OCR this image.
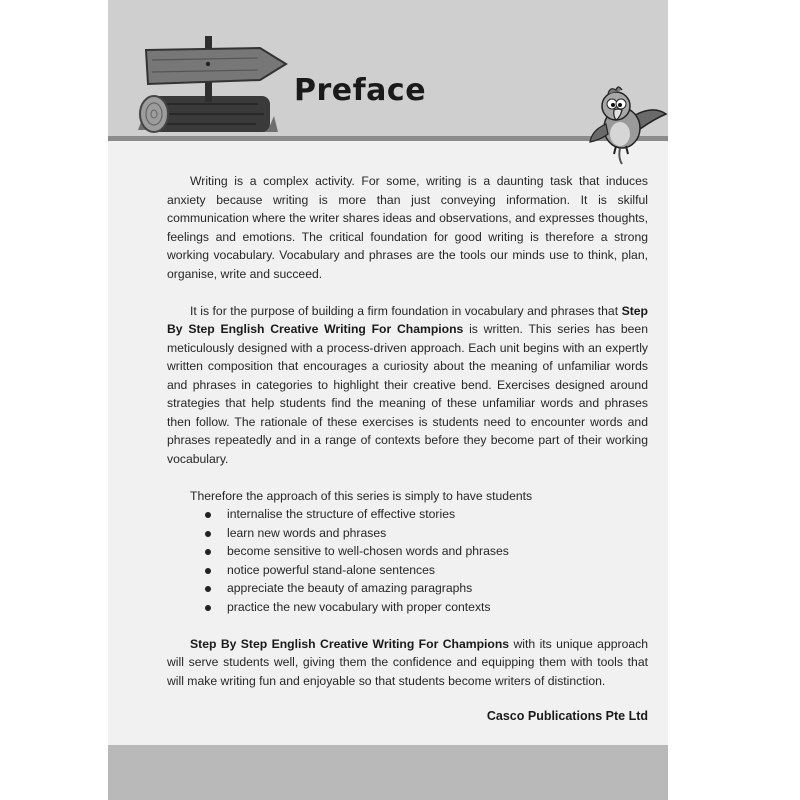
Preface

Writing is a complex activity. For some, writing is a daunting task that induces anxiety because writing is more than just conveying information. It is skilful communication where the writer shares ideas and observations, and expresses thoughts, feelings and emotions. The critical foundation for good writing is therefore a strong working vocabulary. Vocabulary and phrases are the tools our minds use to think, plan, organise, write and succeed.

It is for the purpose of building a firm foundation in vocabulary and phrases that Step By Step English Creative Writing For Champions is written. This series has been meticulously designed with a process-driven approach. Each unit begins with an expertly written composition that encourages a curiosity about the meaning of unfamiliar words and phrases in categories to highlight their creative bend. Exercises designed around strategies that help students find the meaning of these unfamiliar words and phrases then follow. The rationale of these exercises is students need to encounter words and phrases repeatedly and in a range of contexts before they become part of their working vocabulary.

Therefore the approach of this series is simply to have students

internalise the structure of effective stories
learn new words and phrases
become sensitive to well-chosen words and phrases
notice powerful stand-alone sentences
appreciate the beauty of amazing paragraphs
practice the new vocabulary with proper contexts

Step By Step English Creative Writing For Champions with its unique approach will serve students well, giving them the confidence and equipping them with tools that will make writing fun and enjoyable so that students become writers of distinction.

Casco Publications Pte Ltd
